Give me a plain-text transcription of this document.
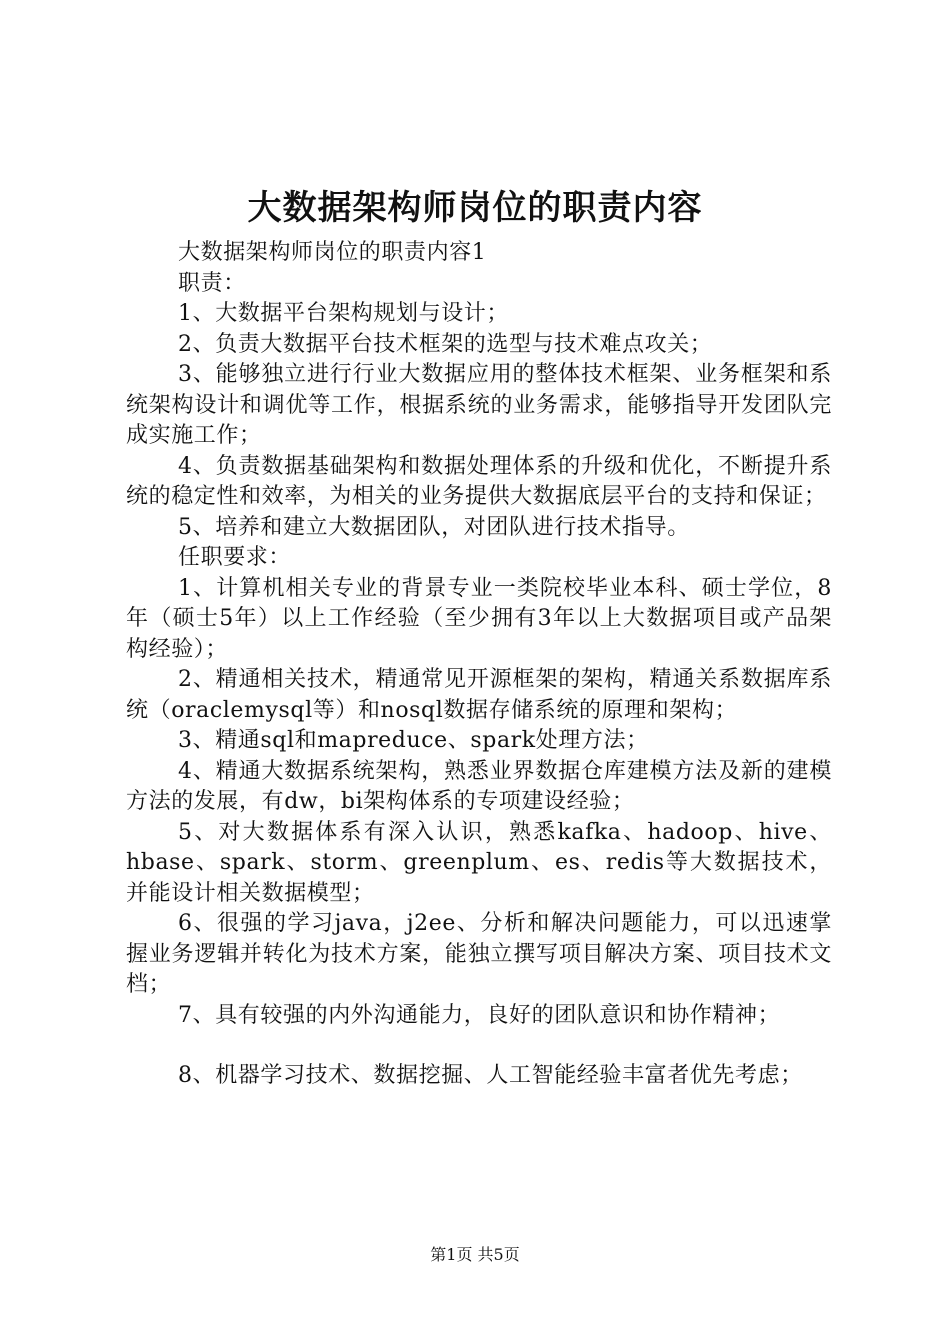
大数据架构师岗位的职责内容

大数据架构师岗位的职责内容1

职责：

1、大数据平台架构规划与设计；

2、负责大数据平台技术框架的选型与技术难点攻关；

3、能够独立进行行业大数据应用的整体技术框架、业务框架和系统架构设计和调优等工作，根据系统的业务需求，能够指导开发团队完成实施工作；

4、负责数据基础架构和数据处理体系的升级和优化，不断提升系统的稳定性和效率，为相关的业务提供大数据底层平台的支持和保证；

5、培养和建立大数据团队，对团队进行技术指导。

任职要求：

1、计算机相关专业的背景专业一类院校毕业本科、硕士学位，8年（硕士5年）以上工作经验（至少拥有3年以上大数据项目或产品架构经验）；

2、精通相关技术，精通常见开源框架的架构，精通关系数据库系统（oraclemysql等）和nosql数据存储系统的原理和架构；

3、精通sql和mapreduce、spark处理方法；

4、精通大数据系统架构，熟悉业界数据仓库建模方法及新的建模方法的发展，有dw，bi架构体系的专项建设经验；

5、对大数据体系有深入认识，熟悉kafka、hadoop、hive、hbase、spark、storm、greenplum、es、redis等大数据技术，并能设计相关数据模型；

6、很强的学习java，j2ee、分析和解决问题能力，可以迅速掌握业务逻辑并转化为技术方案，能独立撰写项目解决方案、项目技术文档；

7、具有较强的内外沟通能力，良好的团队意识和协作精神；

8、机器学习技术、数据挖掘、人工智能经验丰富者优先考虑；

第1页 共5页
